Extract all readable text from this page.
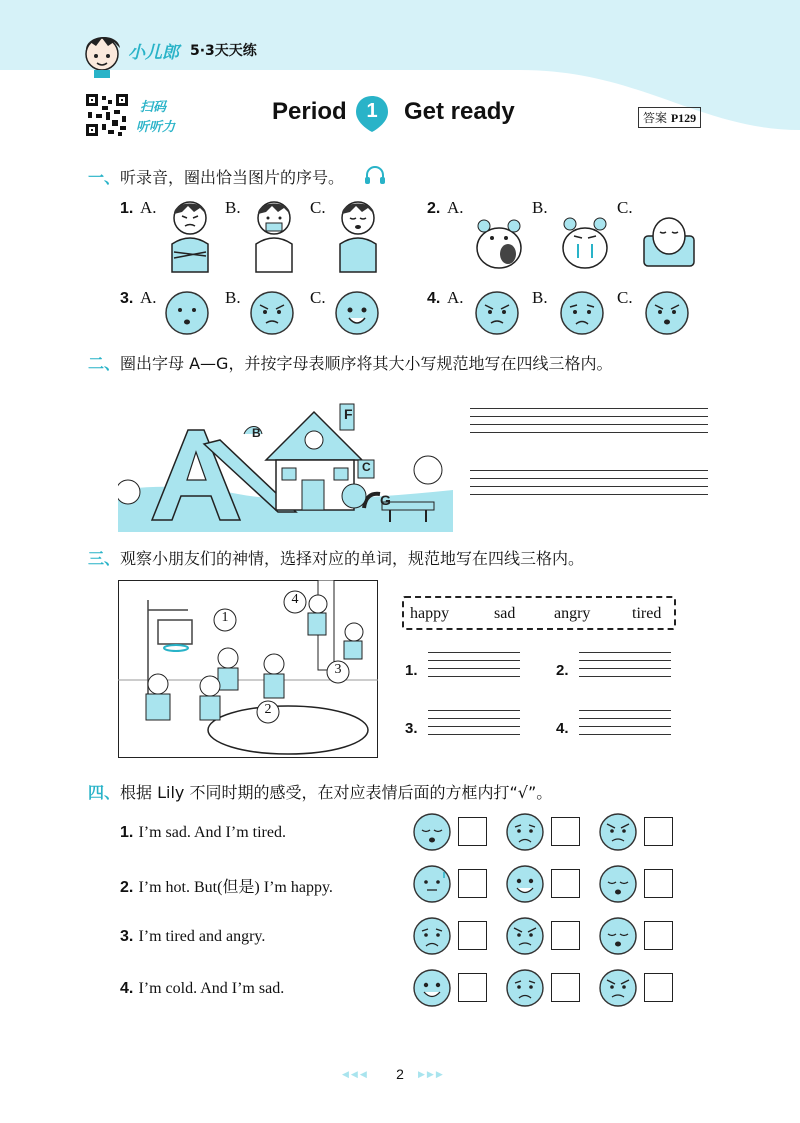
小儿郎 5·3天天练
扫码
听听力
Period 1	Get ready	答案 P129
一、听录音，圈出恰当图片的序号。
1. A.	B.	C.	2. A.	B.	C.
3. A.	B.	C.	4. A.	B.	C.
二、圈出字母 A—G，并按字母表顺序将其大小写规范地写在四线三格内。
A
B
C
F
G
三、观察小朋友们的神情，选择对应的单词，规范地写在四线三格内。
1
2
3
4
happy	sad angry	tired
1.	2.
3.	4.
四、根据 Lily 不同时期的感受，在对应表情后面的方框内打“√”。
1. I’m sad. And I’m tired.
2. I’m hot. But(但是) I’m happy.
3. I’m tired and angry.
4. I’m cold. And I’m sad.
◀◀◀	2	▶▶▶
